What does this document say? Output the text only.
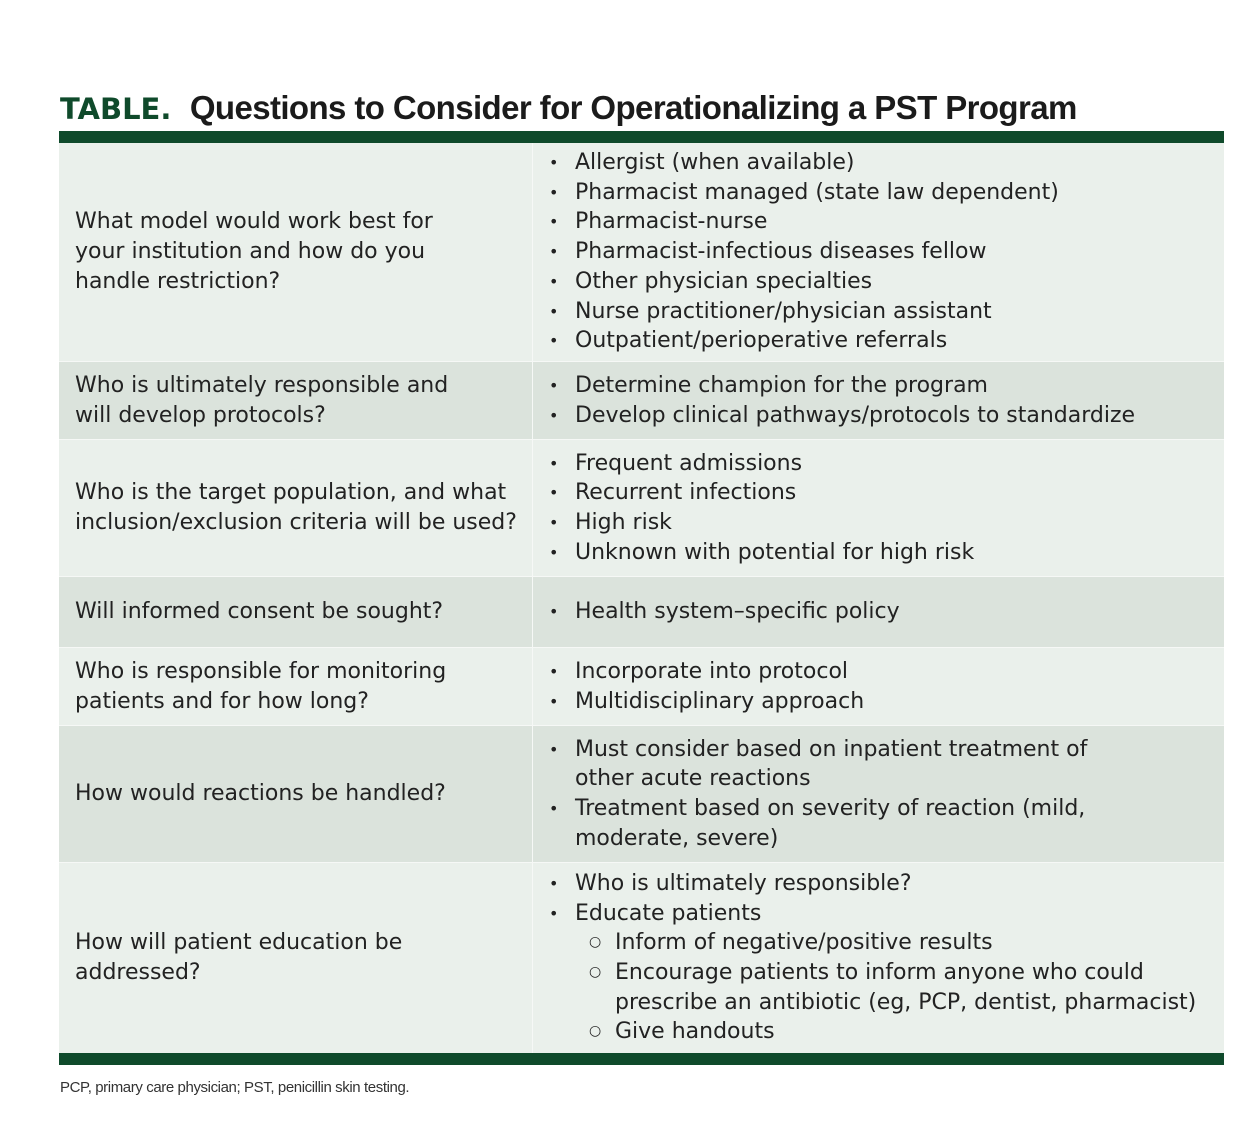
TABLE. Questions to Consider for Operationalizing a PST Program
What model would work best for your institution and how do you handle restriction?
• Allergist (when available)
• Pharmacist managed (state law dependent)
• Pharmacist-nurse
• Pharmacist-infectious diseases fellow
• Other physician specialties
• Nurse practitioner/physician assistant
• Outpatient/perioperative referrals
Who is ultimately responsible and will develop protocols?
• Determine champion for the program
• Develop clinical pathways/protocols to standardize
Who is the target population, and what inclusion/exclusion criteria will be used?
• Frequent admissions
• Recurrent infections
• High risk
• Unknown with potential for high risk
Will informed consent be sought?
•	Health system–specific policy
Who is responsible for monitoring patients and for how long?
• Incorporate into protocol
• Multidisciplinary approach
How would reactions be handled?
• Must consider based on inpatient treatment of other acute reactions
• Treatment based on severity of reaction (mild, moderate, severe)
How will patient education be addressed?
• Who is ultimately responsible?
• Educate patients
○ Inform of negative/positive results
○ Encourage patients to inform anyone who could prescribe an antibiotic (eg, PCP, dentist, pharmacist)
○ Give handouts
PCP, primary care physician; PST, penicillin skin testing.
